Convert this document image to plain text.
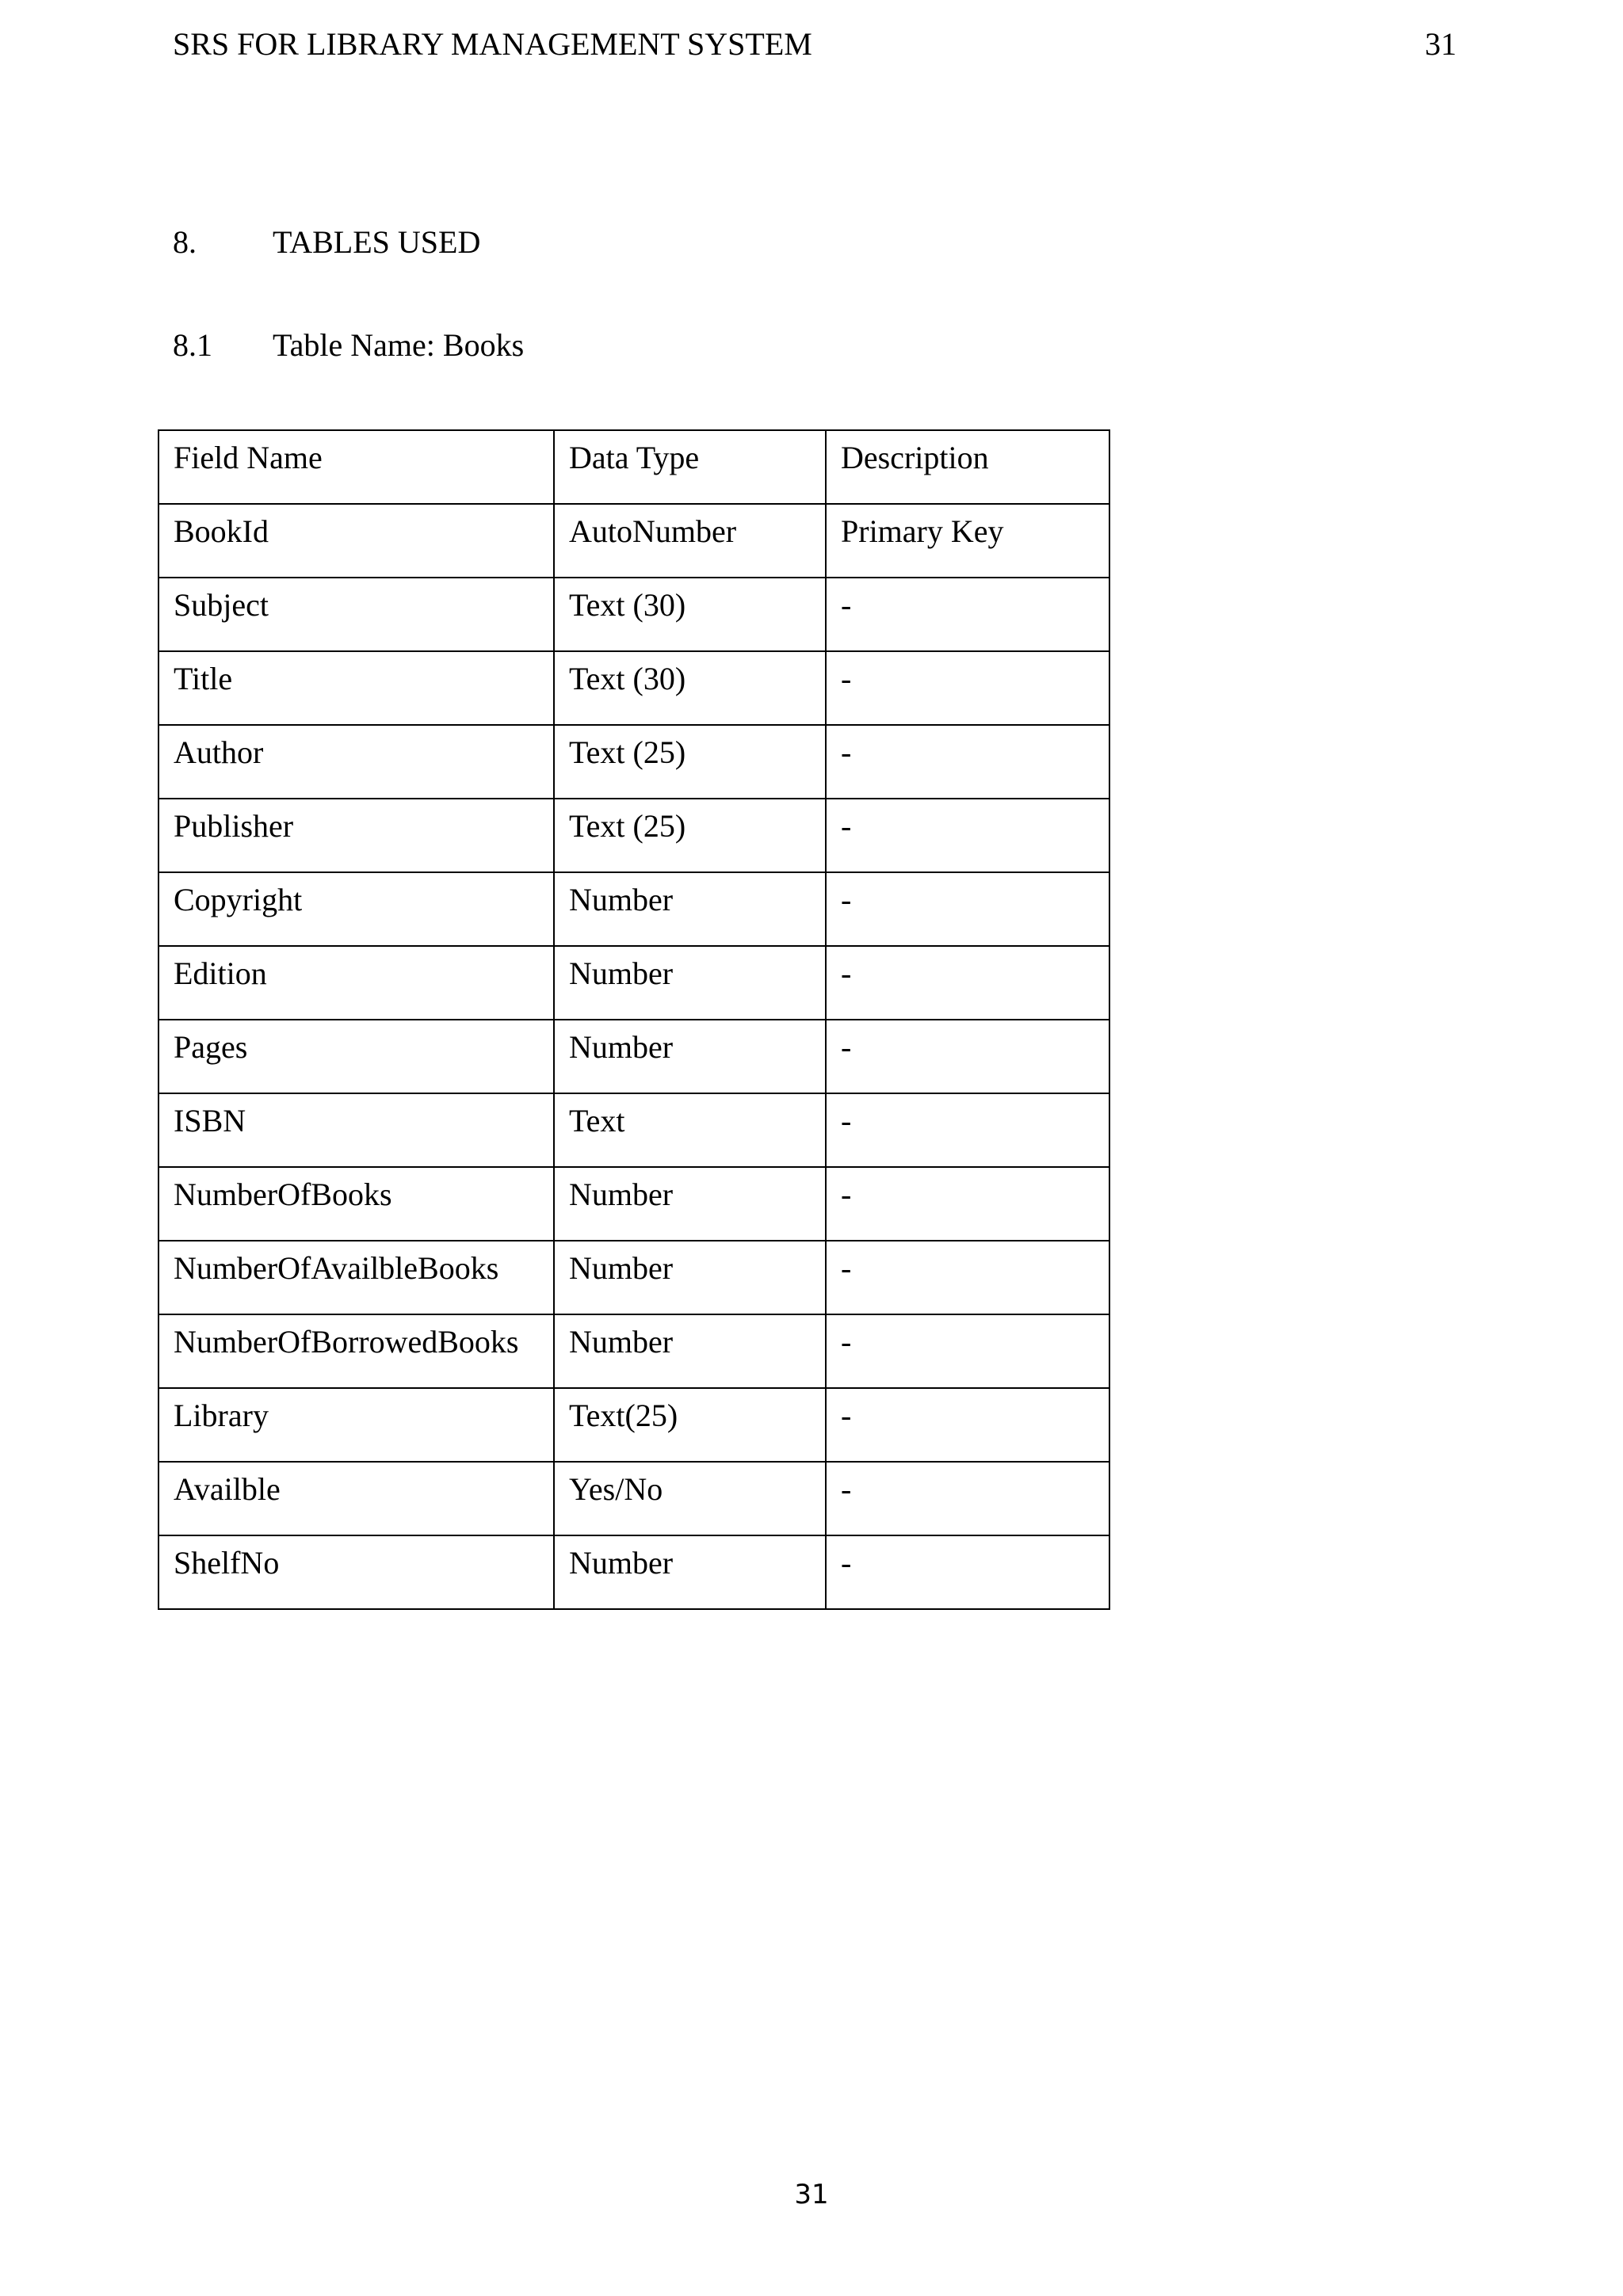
SRS FOR LIBRARY MANAGEMENT SYSTEM	31
8. TABLES USED
8.1 Table Name: Books
Field Name	Data Type	Description
BookId	AutoNumber	Primary Key
Subject	Text (30)	-
Title	Text (30)	-
Author	Text (25)	-
Publisher	Text (25)	-
Copyright	Number	-
Edition	Number	-
Pages	Number	-
ISBN	Text	-
NumberOfBooks	Number	-
NumberOfAvailbleBooks	Number	-
NumberOfBorrowedBooks	Number	-
Library	Text(25)	-
Availble	Yes/No	-
ShelfNo	Number	-
31
